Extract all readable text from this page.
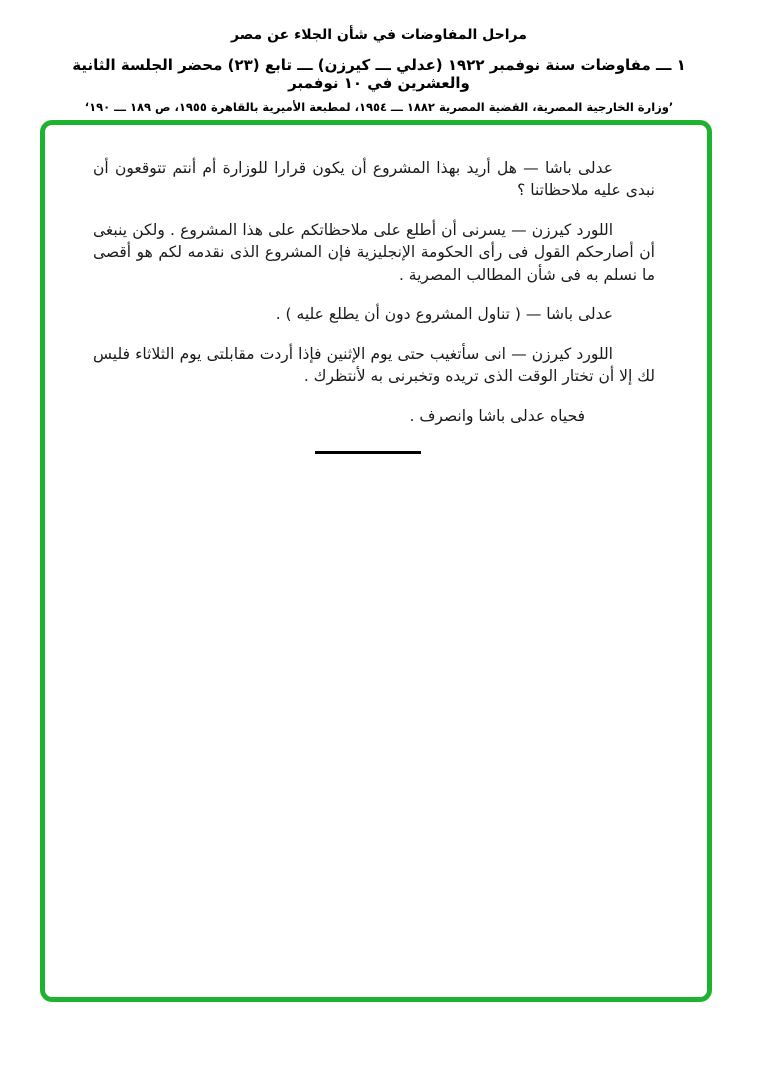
مراحل المفاوضات في شأن الجلاء عن مصر
١ ـــ مفاوضات سنة نوفمبر ١٩٢٢ (عدلي ـــ كيرزن) ـــ تابع (٢٣) محضر الجلسة الثانية والعشرين في ١٠ نوفمبر
’وزارة الخارجية المصرية، القضية المصرية ١٨٨٢ ـــ ١٩٥٤، لمطبعة الأميرية بالقاهرة ١٩٥٥، ص ١٨٩ ـــ ١٩٠‘

عدلى باشا — هل أريد بهذا المشروع أن يكون قرارا للوزارة أم أنتم تتوقعون أن نبدى عليه ملاحظاتنا ؟

اللورد كيرزن — يسرنى أن أطلع على ملاحظاتكم على هذا المشروع . ولكن ينبغى أن أصارحكم القول فى رأى الحكومة الإنجليزية فإن المشروع الذى نقدمه لكم هو أقصى ما نسلم به فى شأن المطالب المصرية .

عدلى باشا — ( تناول المشروع دون أن يطلع عليه ) .

اللورد كيرزن — انى سأتغيب حتى يوم الإثنين فإذا أردت مقابلتى يوم الثلاثاء فليس لك إلا أن تختار الوقت الذى تريده وتخبرنى به لأنتظرك .

فحياه عدلى باشا وانصرف .
